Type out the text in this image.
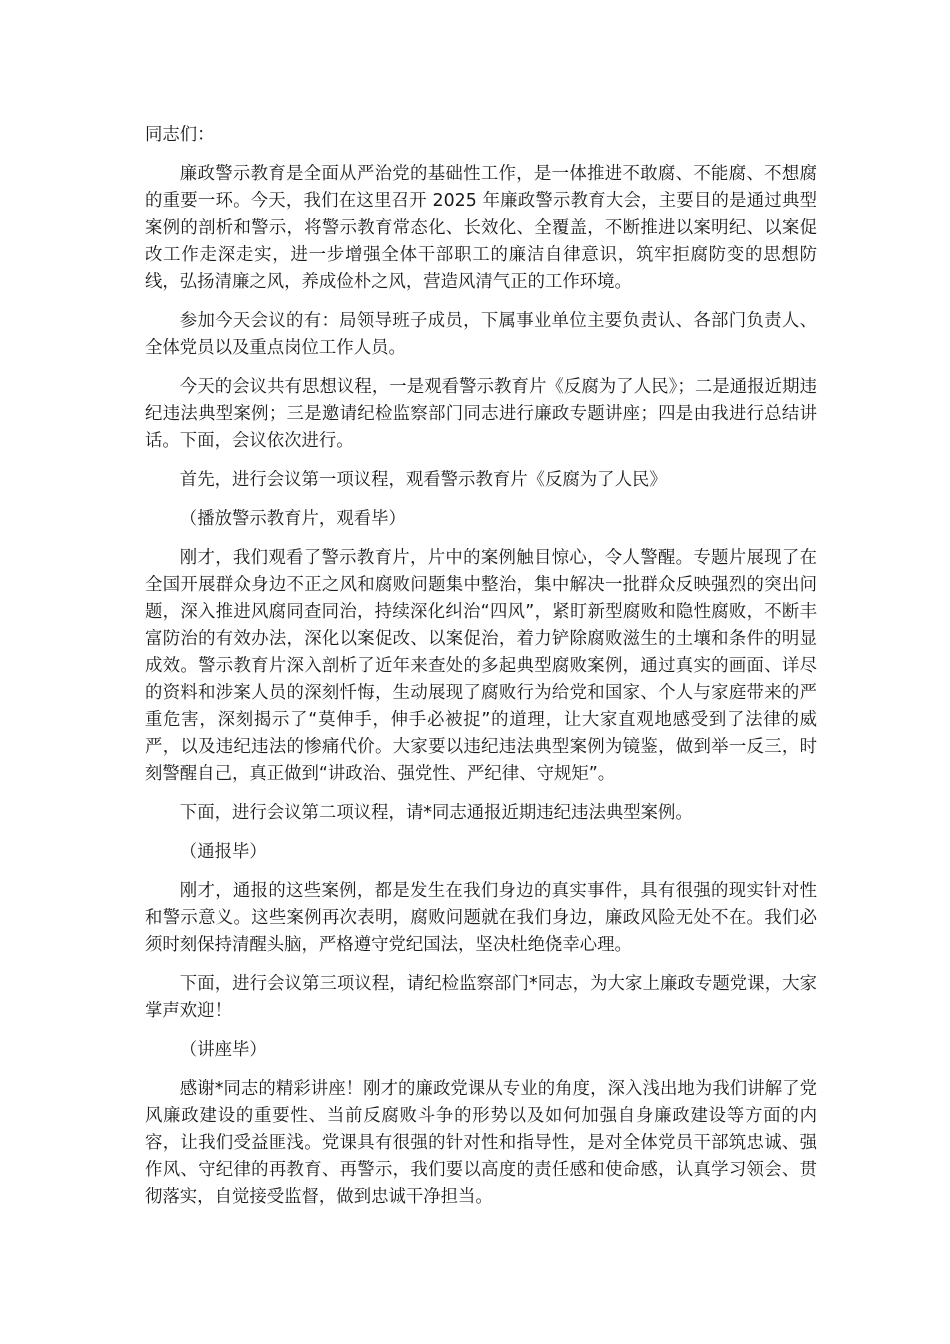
同志们：

廉政警示教育是全面从严治党的基础性工作，是一体推进不敢腐、不能腐、不想腐的重要一环。今天，我们在这里召开 2025 年廉政警示教育大会，主要目的是通过典型案例的剖析和警示，将警示教育常态化、长效化、全覆盖，不断推进以案明纪、以案促改工作走深走实，进一步增强全体干部职工的廉洁自律意识，筑牢拒腐防变的思想防线，弘扬清廉之风，养成俭朴之风，营造风清气正的工作环境。

参加今天会议的有：局领导班子成员，下属事业单位主要负责认、各部门负责人、全体党员以及重点岗位工作人员。

今天的会议共有思想议程，一是观看警示教育片《反腐为了人民》；二是通报近期违纪违法典型案例；三是邀请纪检监察部门同志进行廉政专题讲座；四是由我进行总结讲话。下面，会议依次进行。

首先，进行会议第一项议程，观看警示教育片《反腐为了人民》

（播放警示教育片，观看毕）

刚才，我们观看了警示教育片，片中的案例触目惊心，令人警醒。专题片展现了在全国开展群众身边不正之风和腐败问题集中整治，集中解决一批群众反映强烈的突出问题，深入推进风腐同查同治，持续深化纠治“四风”，紧盯新型腐败和隐性腐败，不断丰富防治的有效办法，深化以案促改、以案促治，着力铲除腐败滋生的土壤和条件的明显成效。警示教育片深入剖析了近年来查处的多起典型腐败案例，通过真实的画面、详尽的资料和涉案人员的深刻忏悔，生动展现了腐败行为给党和国家、个人与家庭带来的严重危害，深刻揭示了“莫伸手，伸手必被捉”的道理，让大家直观地感受到了法律的威严，以及违纪违法的惨痛代价。大家要以违纪违法典型案例为镜鉴，做到举一反三，时刻警醒自己，真正做到“讲政治、强党性、严纪律、守规矩”。

下面，进行会议第二项议程，请*同志通报近期违纪违法典型案例。

（通报毕）

刚才，通报的这些案例，都是发生在我们身边的真实事件，具有很强的现实针对性和警示意义。这些案例再次表明，腐败问题就在我们身边，廉政风险无处不在。我们必须时刻保持清醒头脑，严格遵守党纪国法，坚决杜绝侥幸心理。

下面，进行会议第三项议程，请纪检监察部门*同志，为大家上廉政专题党课，大家掌声欢迎！

（讲座毕）

感谢*同志的精彩讲座！刚才的廉政党课从专业的角度，深入浅出地为我们讲解了党风廉政建设的重要性、当前反腐败斗争的形势以及如何加强自身廉政建设等方面的内容，让我们受益匪浅。党课具有很强的针对性和指导性，是对全体党员干部筑忠诚、强作风、守纪律的再教育、再警示，我们要以高度的责任感和使命感，认真学习领会、贯彻落实，自觉接受监督，做到忠诚干净担当。
